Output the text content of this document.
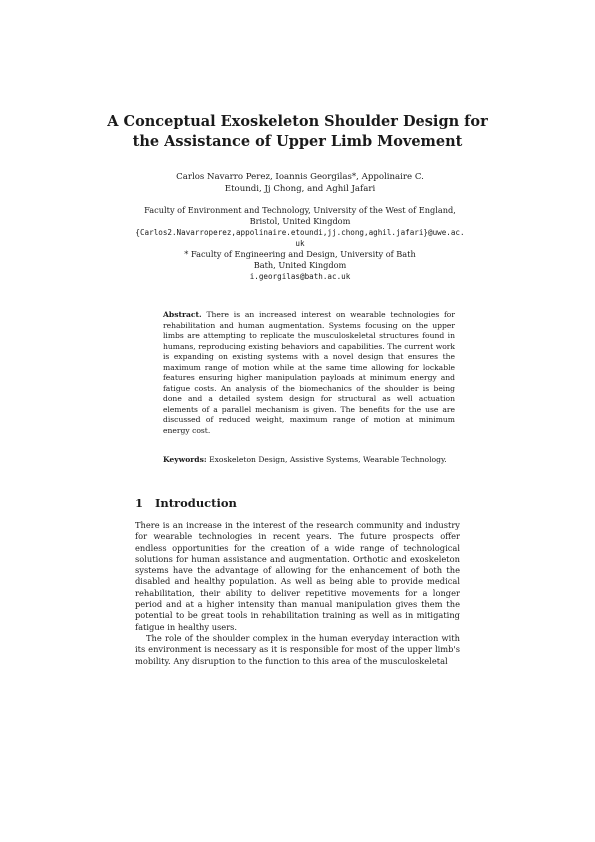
A Conceptual Exoskeleton Shoulder Design for
the Assistance of Upper Limb Movement
Carlos Navarro Perez, Ioannis Georgilas*, Appolinaire C. Etoundi, Jj Chong, and Aghil Jafari
Faculty of Environment and Technology, University of the West of England,
Bristol, United Kingdom
{Carlos2.Navarroperez,appolinaire.etoundi,jj.chong,aghil.jafari}@uwe.ac.
uk
* Faculty of Engineering and Design, University of Bath
Bath, United Kingdom
i.georgilas@bath.ac.uk

Abstract. There is an increased interest on wearable technologies for rehabilitation and human augmentation. Systems focusing on the upper limbs are attempting to replicate the musculoskeletal structures found in humans, reproducing existing behaviors and capabilities. The current work is expanding on existing systems with a novel design that ensures the maximum range of motion while at the same time allowing for lockable features ensuring higher manipulation payloads at minimum energy and fatigue costs. An analysis of the biomechanics of the shoulder is being done and a detailed system design for structural as well actuation elements of a parallel mechanism is given. The benefits for the use are discussed of reduced weight, maximum range of motion at minimum energy cost.

Keywords: Exoskeleton Design, Assistive Systems, Wearable Technology.
1 Introduction

There is an increase in the interest of the research community and industry for wearable technologies in recent years. The future prospects offer endless opportunities for the creation of a wide range of technological solutions for human assistance and augmentation. Orthotic and exoskeleton systems have the advantage of allowing for the enhancement of both the disabled and healthy population. As well as being able to provide medical rehabilitation, their ability to deliver repetitive movements for a longer period and at a higher intensity than manual manipulation gives them the potential to be great tools in rehabilitation training as well as in mitigating fatigue in healthy users.

The role of the shoulder complex in the human everyday interaction with its environment is necessary as it is responsible for most of the upper limb's mobility. Any disruption to the function to this area of the musculoskeletal
